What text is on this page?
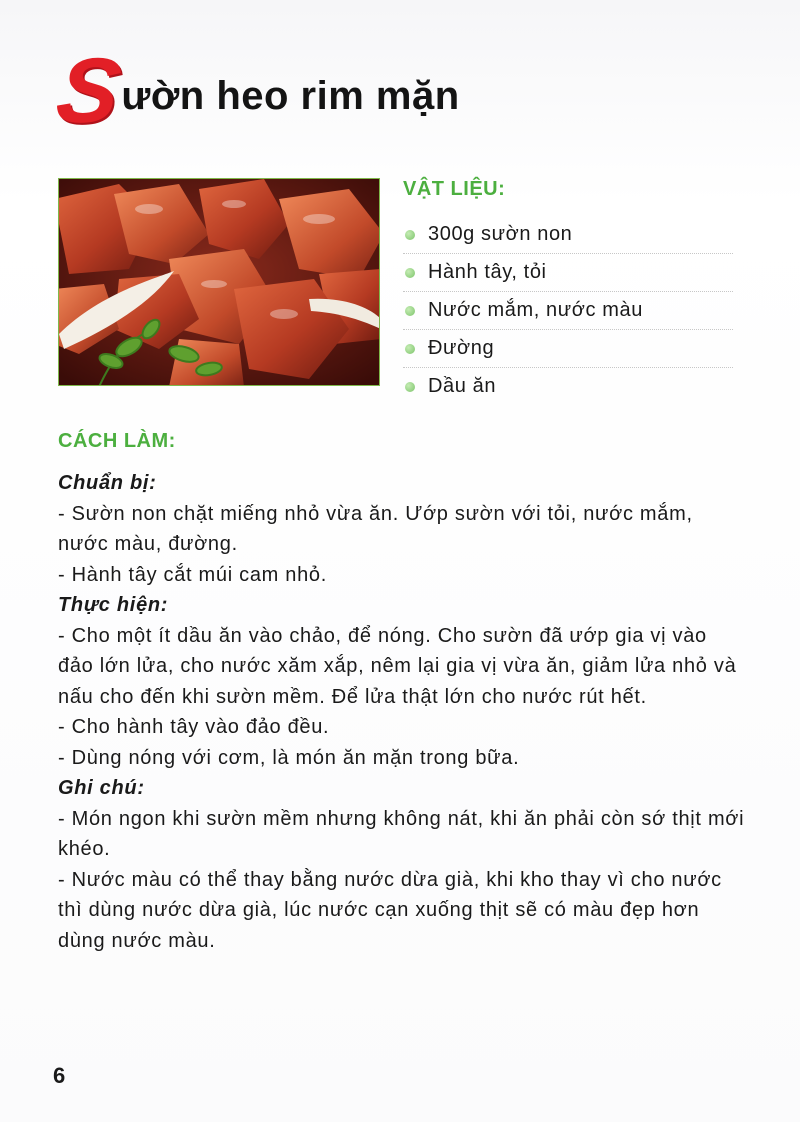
S
ườn heo rim mặn
VẬT LIỆU:
300g sườn non
Hành tây, tỏi
Nước mắm, nước màu
Đường
Dầu ăn
CÁCH LÀM:

Chuẩn bị:

- Sườn non chặt miếng nhỏ vừa ăn. Ướp sườn với tỏi, nước mắm, nước màu, đường.

- Hành tây cắt múi cam nhỏ.

Thực hiện:

- Cho một ít dầu ăn vào chảo, để nóng. Cho sườn đã ướp gia vị vào đảo lớn lửa, cho nước xăm xắp, nêm lại gia vị vừa ăn, giảm lửa nhỏ và nấu cho đến khi sườn mềm. Để lửa thật lớn cho nước rút hết.

- Cho hành tây vào đảo đều.

- Dùng nóng với cơm, là món ăn mặn trong bữa.

Ghi chú:

- Món ngon khi sườn mềm nhưng không nát, khi ăn phải còn sớ thịt mới khéo.

- Nước màu có thể thay bằng nước dừa già, khi kho thay vì cho nước thì dùng nước dừa già, lúc nước cạn xuống thịt sẽ có màu đẹp hơn dùng nước màu.

6
